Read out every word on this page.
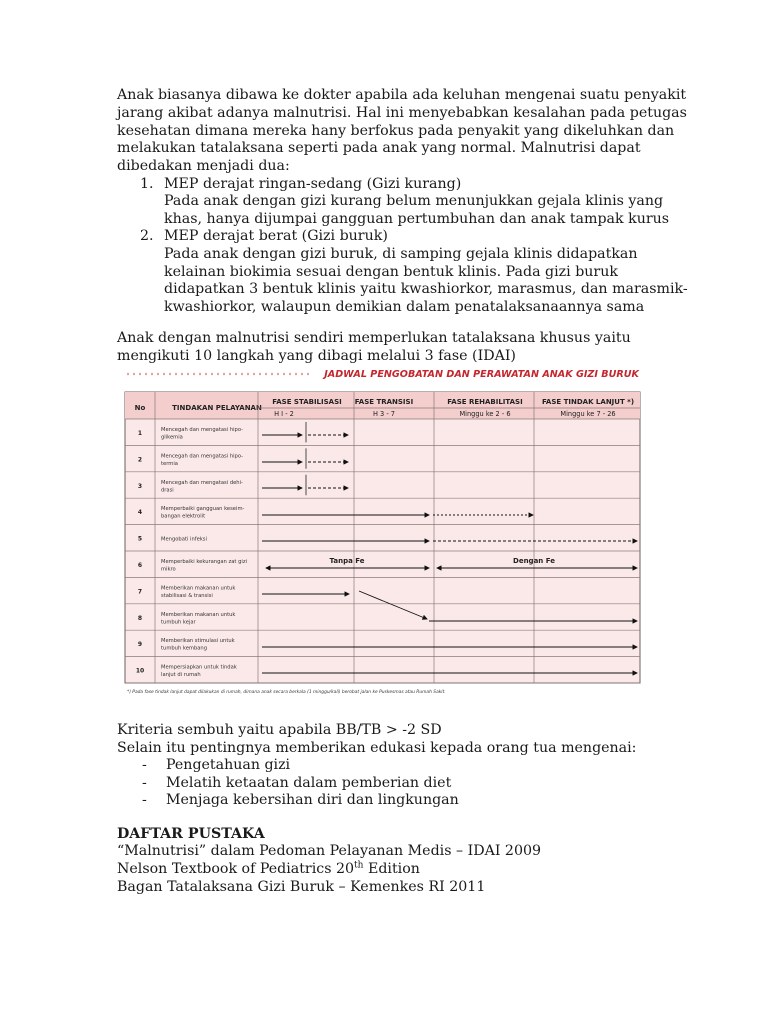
Anak biasanya dibawa ke dokter apabila ada keluhan mengenai suatu penyakit

jarang akibat adanya malnutrisi. Hal ini menyebabkan kesalahan pada petugas

kesehatan dimana mereka hany berfokus pada penyakit yang dikeluhkan dan

melakukan tatalaksana seperti pada anak yang normal. Malnutrisi dapat

dibedakan menjadi dua:

1. MEP derajat ringan-sedang (Gizi kurang)

Pada anak dengan gizi kurang belum menunjukkan gejala klinis yang

khas, hanya dijumpai gangguan pertumbuhan dan anak tampak kurus

2. MEP derajat berat (Gizi buruk)

Pada anak dengan gizi buruk, di samping gejala klinis didapatkan

kelainan biokimia sesuai dengan bentuk klinis. Pada gizi buruk

didapatkan 3 bentuk klinis yaitu kwashiorkor, marasmus, dan marasmik-

kwashiorkor, walaupun demikian dalam penatalaksanaannya sama

Anak dengan malnutrisi sendiri memperlukan tatalaksana khusus yaitu

mengikuti 10 langkah yang dibagi melalui 3 fase (IDAI)

JADWAL PENGOBATAN DAN PERAWATAN ANAK GIZI BURUK
No	TINDAKAN PELAYANAN
FASE STABILISASI FASE TRANSISI	FASE REHABILITASI	FASE TINDAK LANJUT *)
H I - 2	H 3 - 7	Minggu ke 2 - 6	Minggu ke 7 - 26
1	Mencegah dan mengatasi hipo-
glikemia
2	Mencegah dan mengatasi hipo-
termia
3	Mencegah dan mengatasi dehi-
drasi
4	Memperbaiki gangguan keseim-
bangan elektrolit
5	Mengobati infeksi
6	Memperbaiki kekurangan zat gizi
mikro
7	Memberikan makanan untuk
stabilisasi & transisi
8	Memberikan makanan untuk
tumbuh kejar
9	Memberikan stimulasi untuk
tumbuh kembang
10	Mempersiapkan untuk tindak
lanjut di rumah
Tanpa Fe	Dengan Fe
*) Pada fase tindak lanjut dapat dilakukan di rumah, dimana anak secara berkala (1 minggu/kali) berobat jalan ke Puskesmas atau Rumah Sakit.

Kriteria sembuh yaitu apabila BB/TB > -2 SD

Selain itu pentingnya memberikan edukasi kepada orang tua mengenai:

- Pengetahuan gizi

- Melatih ketaatan dalam pemberian diet

- Menjaga kebersihan diri dan lingkungan

DAFTAR PUSTAKA

“Malnutrisi” dalam Pedoman Pelayanan Medis – IDAI 2009

Nelson Textbook of Pediatrics 20th Edition

Bagan Tatalaksana Gizi Buruk – Kemenkes RI 2011
